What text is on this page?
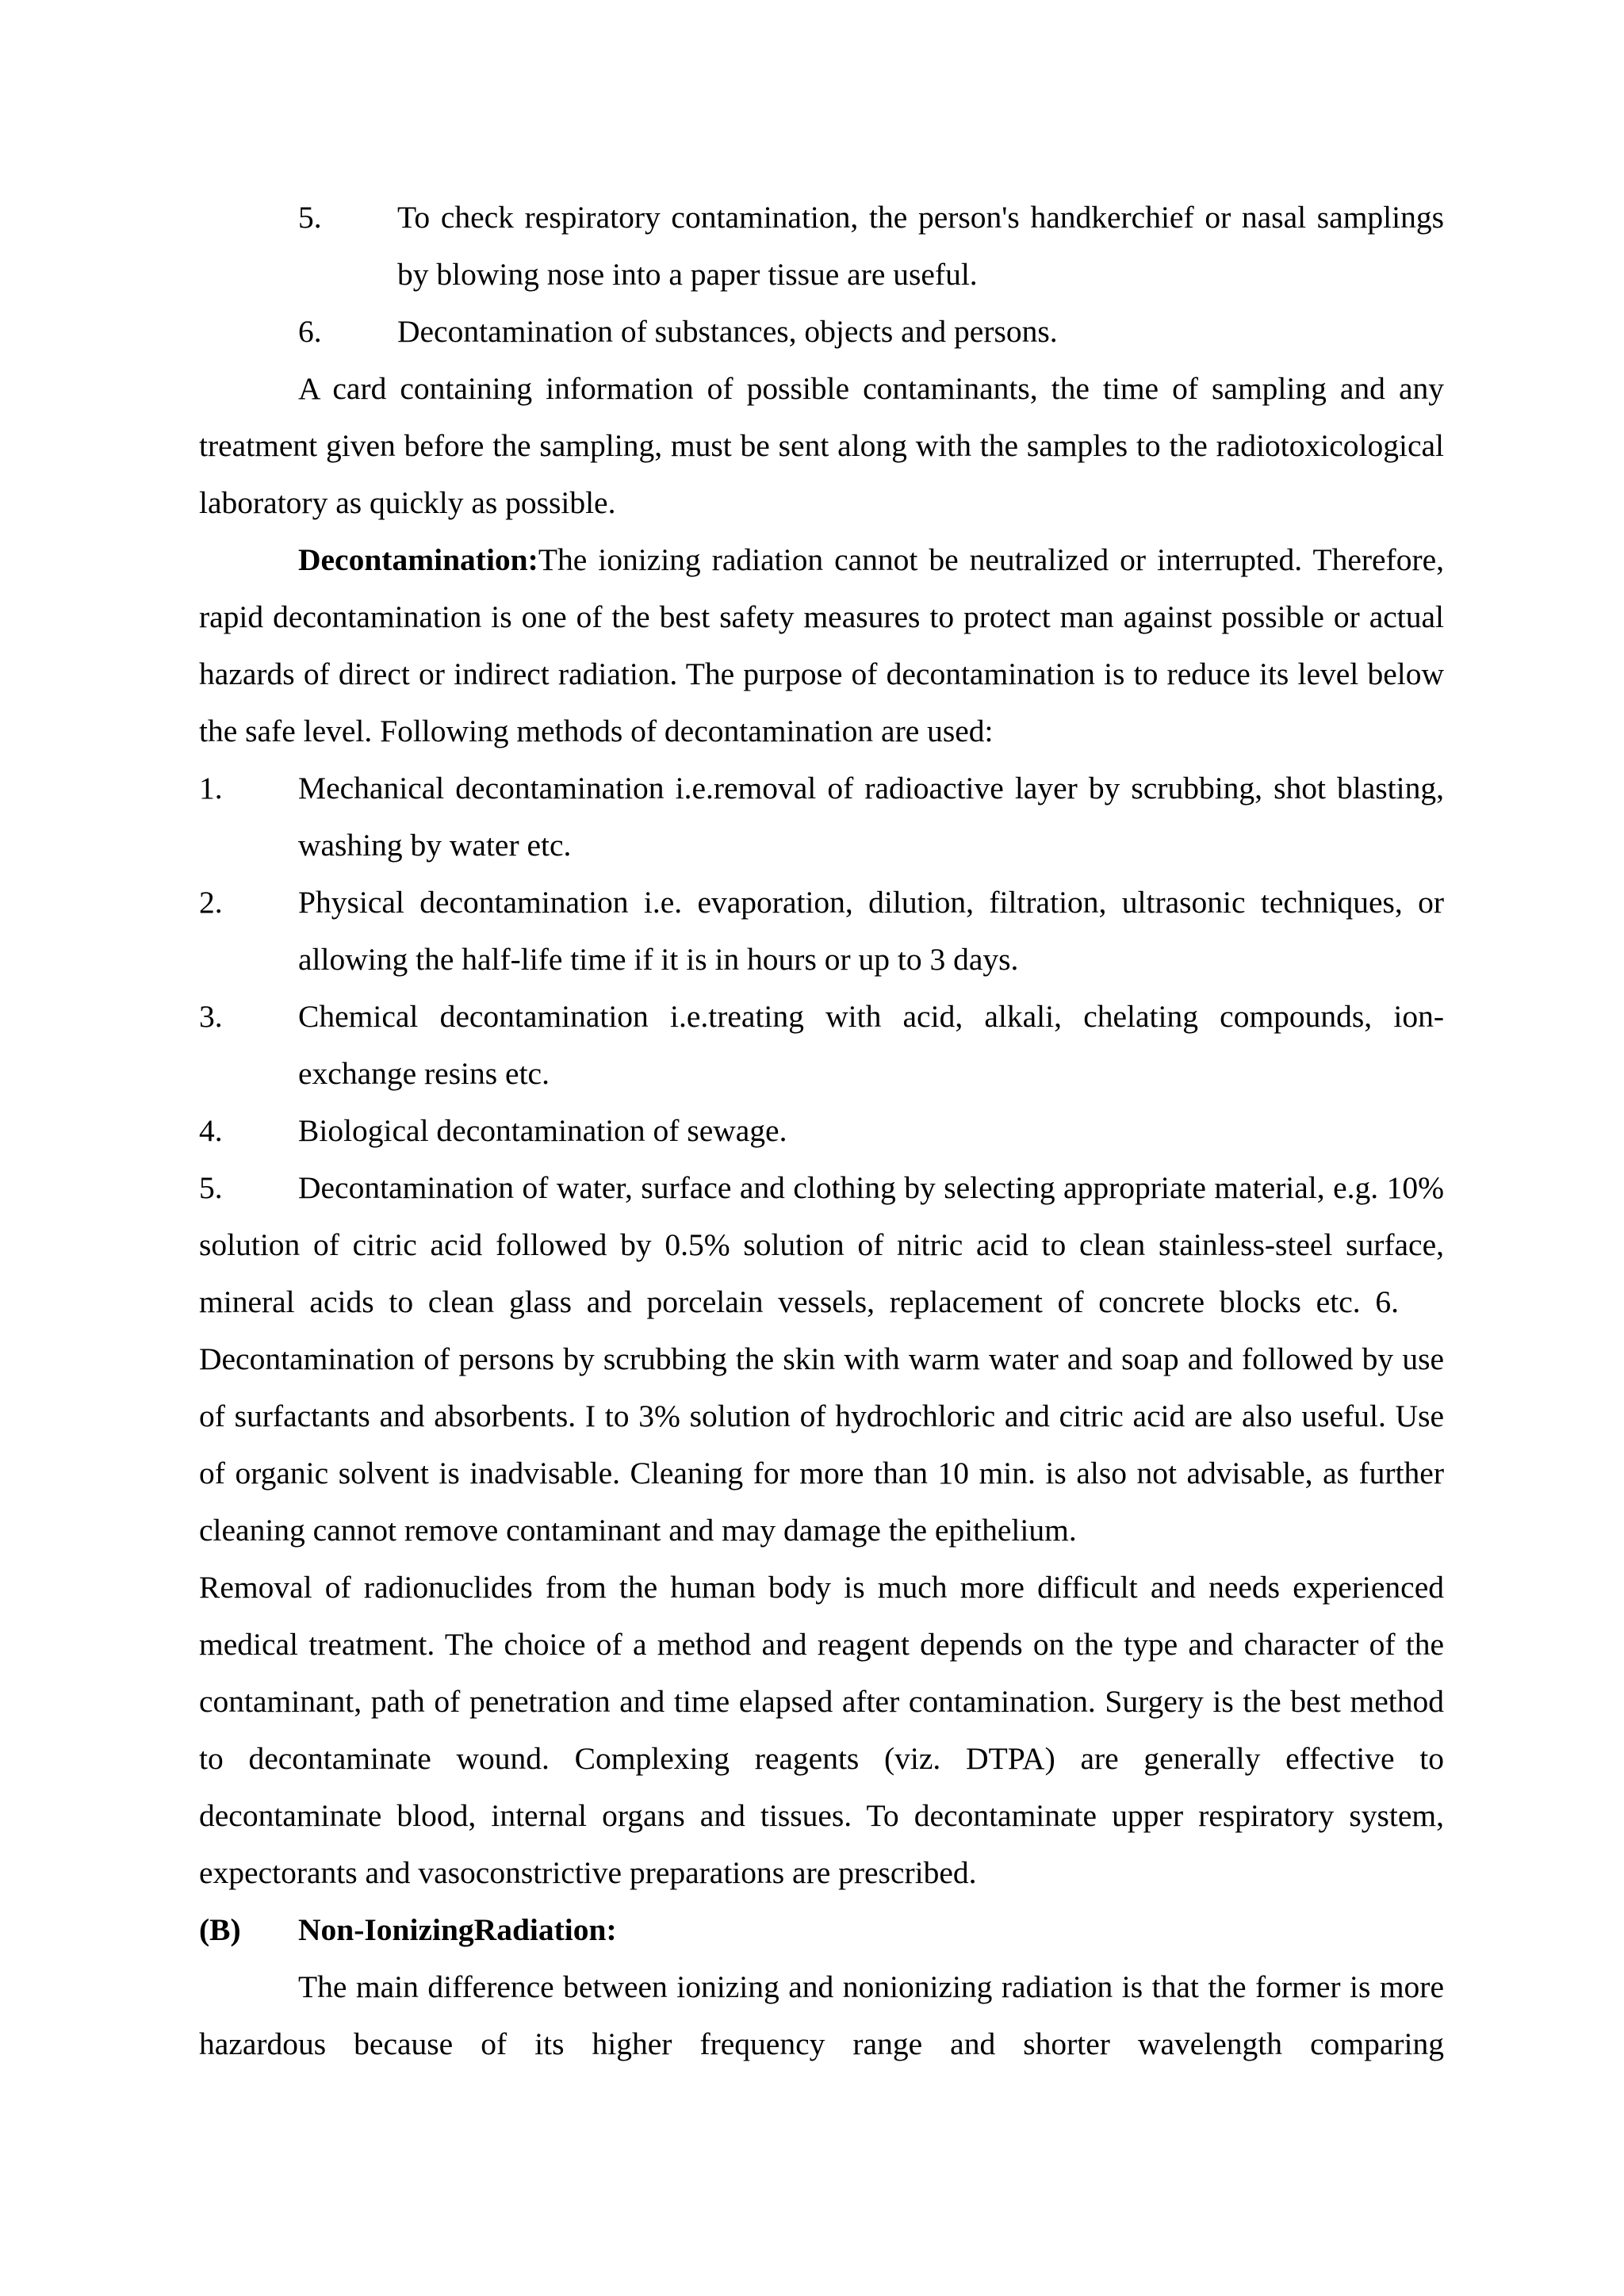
5. To check respiratory contamination, the person's handkerchief or nasal samplings by blowing nose into a paper tissue are useful.
6. Decontamination of substances, objects and persons.

A card containing information of possible contaminants, the time of sampling and any treatment given before the sampling, must be sent along with the samples to the radiotoxicological laboratory as quickly as possible.

Decontamination:The ionizing radiation cannot be neutralized or interrupted. Therefore, rapid decontamination is one of the best safety measures to protect man against possible or actual hazards of direct or indirect radiation. The purpose of decontamination is to reduce its level below the safe level. Following methods of decontamination are used:

1. Mechanical decontamination i.e.removal of radioactive layer by scrubbing, shot blasting, washing by water etc.
2. Physical decontamination i.e. evaporation, dilution, filtration, ultrasonic techniques, or allowing the half-life time if it is in hours or up to 3 days.
3. Chemical decontamination i.e.treating with acid, alkali, chelating compounds, ion-exchange resins etc.
4. Biological decontamination of sewage.

5. Decontamination of water, surface and clothing by selecting appropriate material, e.g. 10% solution of citric acid followed by 0.5% solution of nitric acid to clean stainless-steel surface, mineral acids to clean glass and porcelain vessels, replacement of concrete blocks etc. 6.Decontamination of persons by scrubbing the skin with warm water and soap and followed by use of surfactants and absorbents. I to 3% solution of hydrochloric and citric acid are also useful. Use of organic solvent is inadvisable. Cleaning for more than 10 min. is also not advisable, as further cleaning cannot remove contaminant and may damage the epithelium.

Removal of radionuclides from the human body is much more difficult and needs experienced medical treatment. The choice of a method and reagent depends on the type and character of the contaminant, path of penetration and time elapsed after contamination. Surgery is the best method to decontaminate wound. Complexing reagents (viz. DTPA) are generally effective to decontaminate blood, internal organs and tissues. To decontaminate upper respiratory system, expectorants and vasoconstrictive preparations are prescribed.

(B) Non-IonizingRadiation:

The main difference between ionizing and nonionizing radiation is that the former is more hazardous because of its higher frequency range and shorter wavelength comparing
